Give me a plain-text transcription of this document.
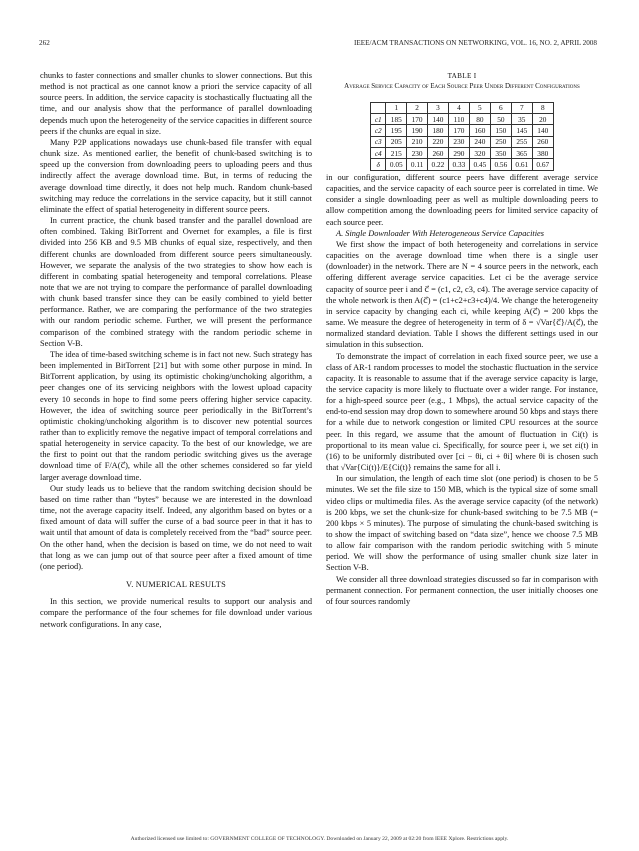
262	IEEE/ACM TRANSACTIONS ON NETWORKING, VOL. 16, NO. 2, APRIL 2008

chunks to faster connections and smaller chunks to slower connections. But this method is not practical as one cannot know a priori the service capacity of all source peers. In addition, the service capacity is stochastically fluctuating all the time, and our analysis show that the performance of parallel downloading depends much upon the heterogeneity of the service capacities in different source peers if the chunks are equal in size.

Many P2P applications nowadays use chunk-based file transfer with equal chunk size. As mentioned earlier, the benefit of chunk-based switching is to speed up the conversion from downloading peers to uploading peers and thus indirectly affect the average download time. But, in terms of reducing the average download time directly, it does not help much. Random chunk-based switching may reduce the correlations in the service capacity, but it still cannot eliminate the effect of spatial heterogeneity in different source peers.

In current practice, the chunk based transfer and the parallel download are often combined. Taking BitTorrent and Overnet for examples, a file is first divided into 256 KB and 9.5 MB chunks of equal size, respectively, and then different chunks are downloaded from different source peers simultaneously. However, we separate the analysis of the two strategies to show how each is different in combating spatial heterogeneity and temporal correlations. Please note that we are not trying to compare the performance of parallel downloading with chunk based transfer since they can be easily combined to yield better performance. Rather, we are comparing the performance of the two strategies with our random periodic scheme. Further, we will present the performance comparison of the combined strategy with the random periodic scheme in Section V-B.

The idea of time-based switching scheme is in fact not new. Such strategy has been implemented in BitTorrent [21] but with some other purpose in mind. In BitTorrent application, by using its optimistic choking/unchoking algorithm, a peer changes one of its servicing neighbors with the lowest upload capacity every 10 seconds in hope to find some peers offering higher service capacity. However, the idea of switching source peer periodically in the BitTorrent’s optimistic choking/unchoking algorithm is to discover new potential sources rather than to explicitly remove the negative impact of temporal correlations and spatial heterogeneity in service capacity. To the best of our knowledge, we are the first to point out that the random periodic switching gives us the average download time of F/A(c⃗), while all the other schemes considered so far yield larger average download time.

Our study leads us to believe that the random switching decision should be based on time rather than “bytes” because we are interested in the download time, not the average capacity itself. Indeed, any algorithm based on bytes or a fixed amount of data will suffer the curse of a bad source peer in that it has to wait until that amount of data is completely received from the “bad” source peer. On the other hand, when the decision is based on time, we do not need to wait that long as we can jump out of that source peer after a fixed amount of time (one period).

V. NUMERICAL RESULTS

In this section, we provide numerical results to support our analysis and compare the performance of the four schemes for file download under various network configurations. In any case,

TABLE I
Average Service Capacity of Each Source Peer Under Different Configurations
	1	2	3	4	5	6	7	8
c1	185	170	140	110	80	50	35	20
c2	195	190	180	170	160	150	145	140
c3	205	210	220	230	240	250	255	260
c4	215	230	260	290	320	350	365	380
δ	0.05	0.11	0.22	0.33	0.45	0.56	0.61	0.67

in our configuration, different source peers have different average service capacities, and the service capacity of each source peer is correlated in time. We consider a single downloading peer as well as multiple downloading peers to allow competition among the downloading peers for limited service capacity of each source peer.

A. Single Downloader With Heterogeneous Service Capacities

We first show the impact of both heterogeneity and correlations in service capacities on the average download time when there is a single user (downloader) in the network. There are N = 4 source peers in the network, each offering different average service capacities. Let ci be the average service capacity of source peer i and c⃗ = (c1, c2, c3, c4). The average service capacity of the whole network is then A(c⃗) = (c1+c2+c3+c4)/4. We change the heterogeneity in service capacity by changing each ci, while keeping A(c⃗) = 200 kbps the same. We measure the degree of heterogeneity in term of δ = √Var{c⃗}/A(c⃗), the normalized standard deviation. Table I shows the different settings used in our simulation in this subsection.

To demonstrate the impact of correlation in each fixed source peer, we use a class of AR-1 random processes to model the stochastic fluctuation in the service capacity. It is reasonable to assume that if the average service capacity is large, the service capacity is more likely to fluctuate over a wider range. For instance, for a high-speed source peer (e.g., 1 Mbps), the actual service capacity of the end-to-end session may drop down to somewhere around 50 kbps and stays there for a while due to network congestion or limited CPU resources at the source peer. In this regard, we assume that the amount of fluctuation in Ci(t) is proportional to its mean value ci. Specifically, for source peer i, we set εi(t) in (16) to be uniformly distributed over [ci − θi, ci + θi] where θi is chosen such that √Var{Ci(t)}/E{Ci(t)} remains the same for all i.

In our simulation, the length of each time slot (one period) is chosen to be 5 minutes. We set the file size to 150 MB, which is the typical size of some small video clips or multimedia files. As the average service capacity (of the network) is 200 kbps, we set the chunk-size for chunk-based switching to be 7.5 MB (= 200 kbps × 5 minutes). The purpose of simulating the chunk-based switching is to show the impact of switching based on “data size”, hence we choose 7.5 MB to allow fair comparison with the random periodic switching with 5 minute period. We will show the performance of using smaller chunk size later in Section V-B.

We consider all three download strategies discussed so far in comparison with permanent connection. For permanent connection, the user initially chooses one of four sources randomly

Authorized licensed use limited to: GOVERNMENT COLLEGE OF TECHNOLOGY. Downloaded on January 22, 2009 at 02:20 from IEEE Xplore. Restrictions apply.
